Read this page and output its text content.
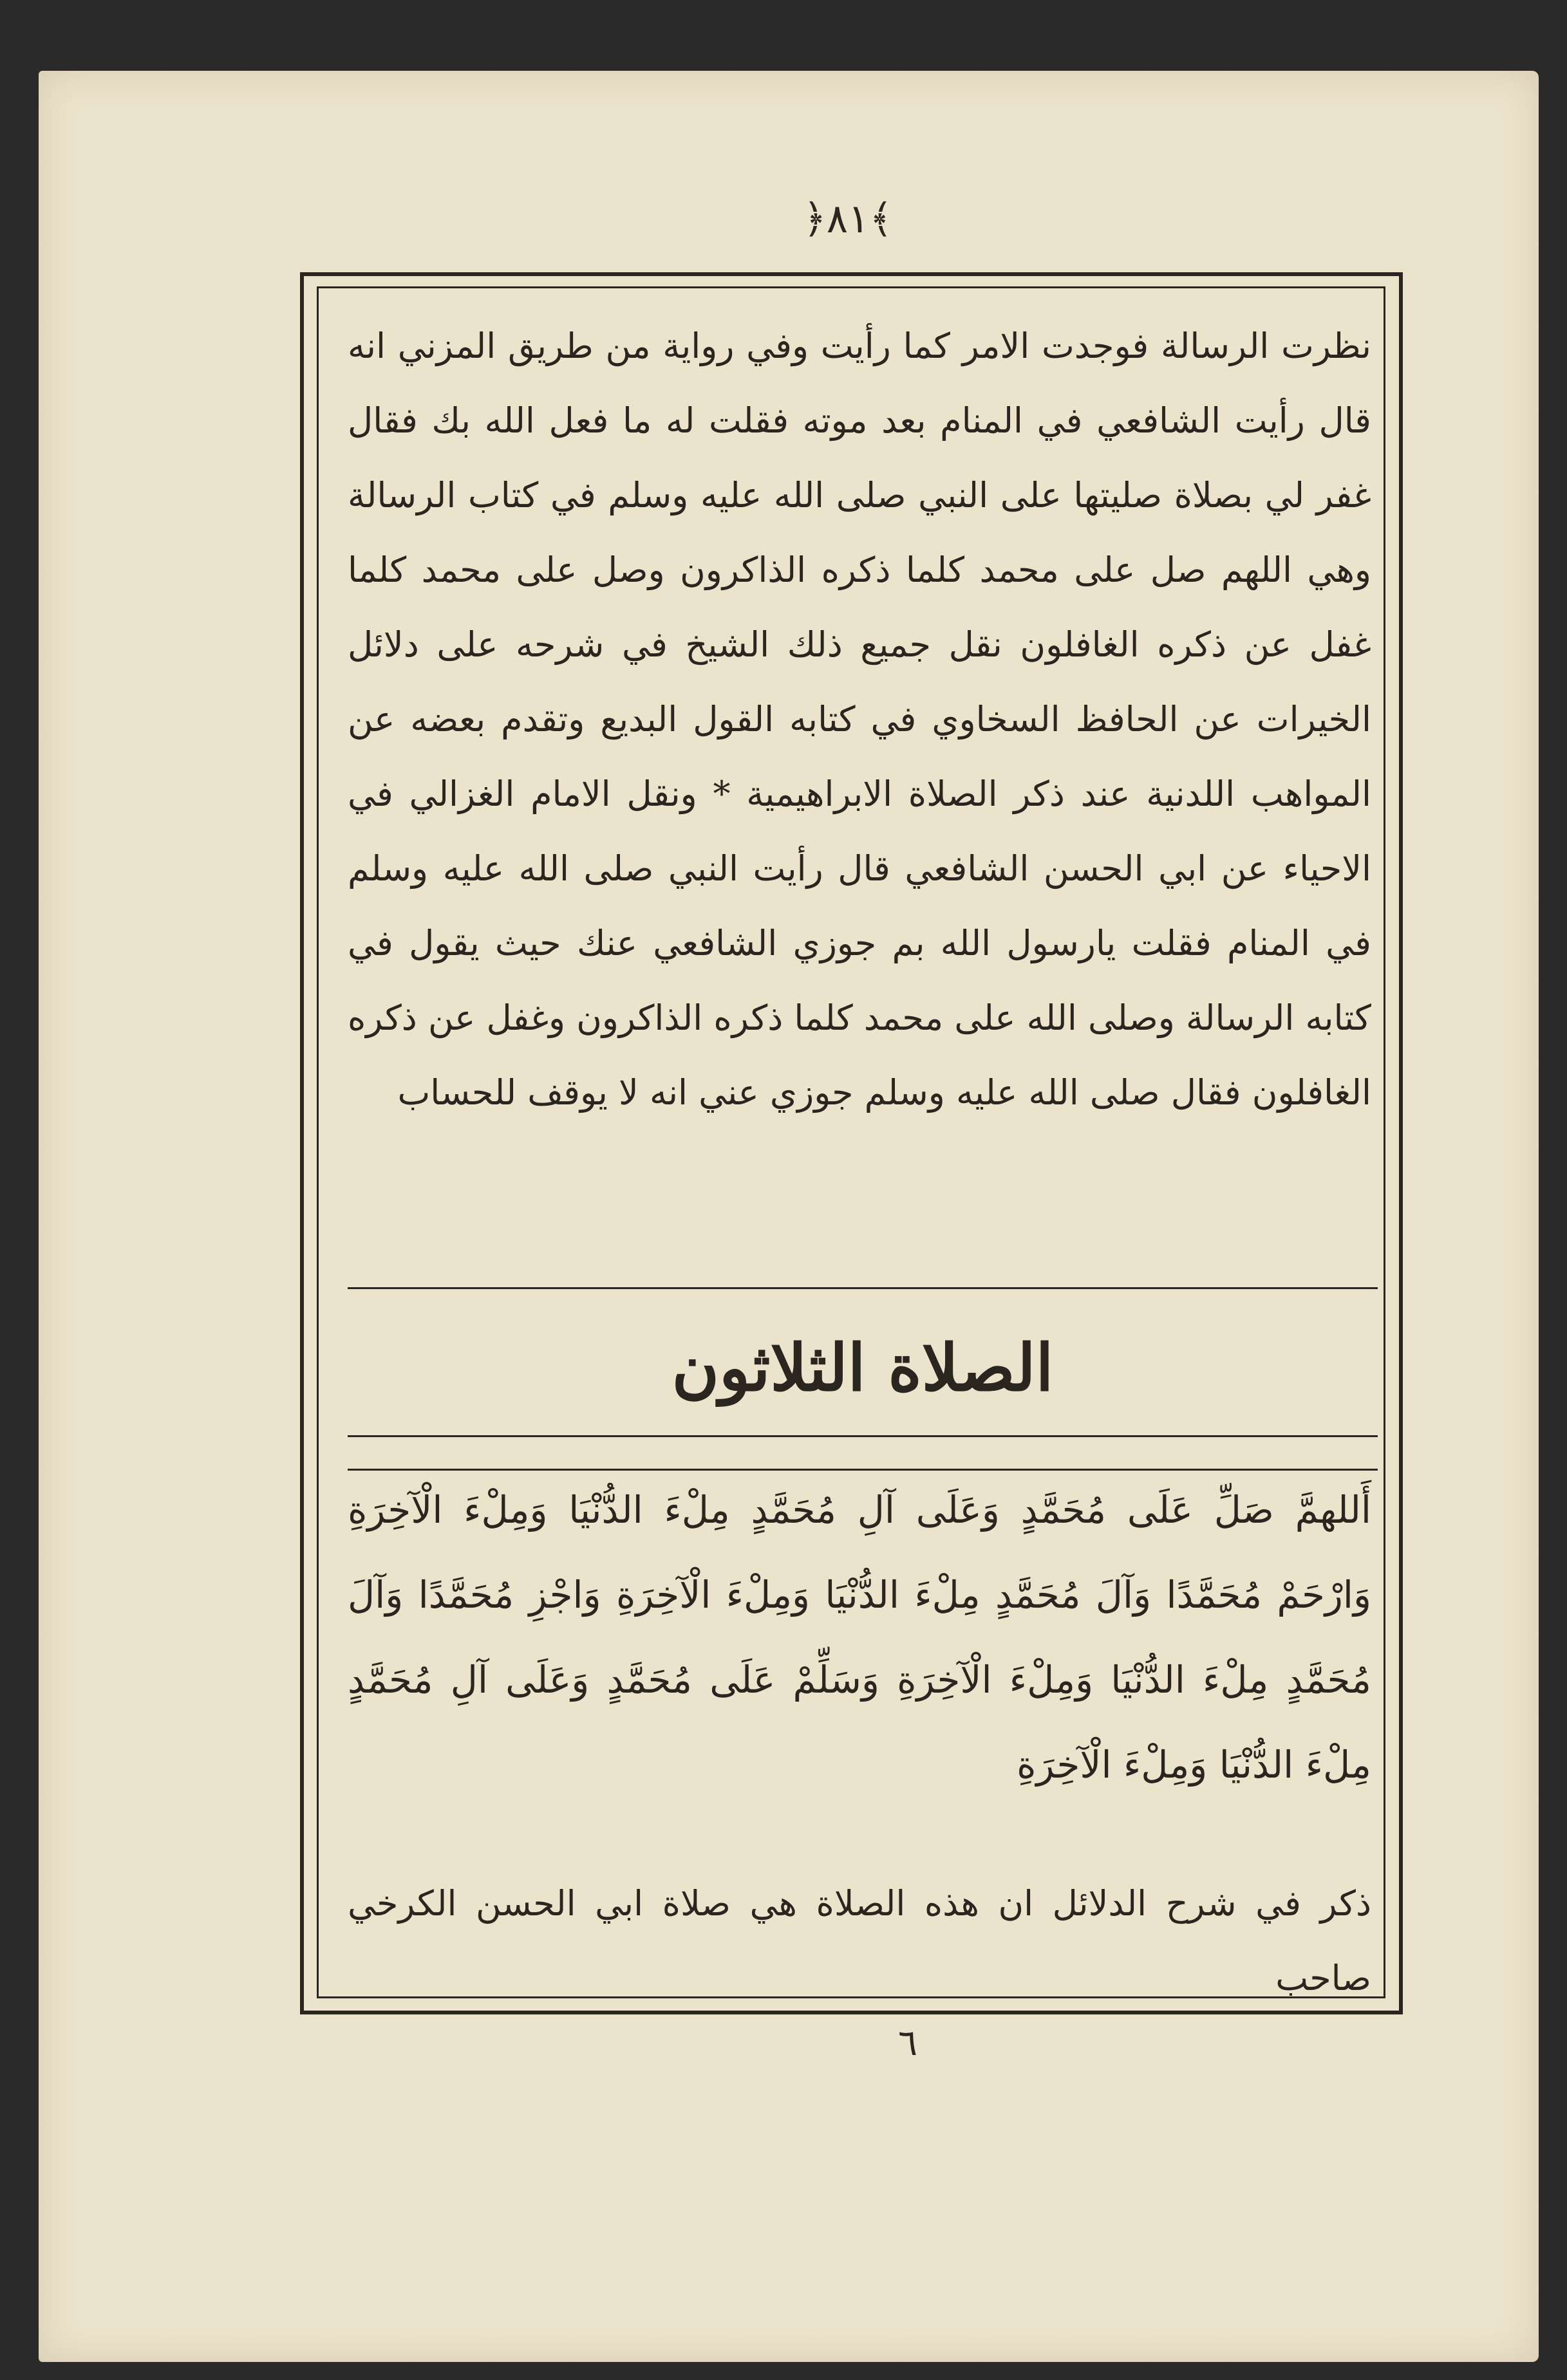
﴾٨١﴿
نظرت الرسالة فوجدت الامر كما رأيت وفي رواية من طريق المزني انه قال رأيت الشافعي في المنام بعد موته فقلت له ما فعل الله بك فقال غفر لي بصلاة صليتها على النبي صلى الله عليه وسلم في كتاب الرسالة وهي اللهم صل على محمد كلما ذكره الذاكرون وصل على محمد كلما غفل عن ذكره الغافلون نقل جميع ذلك الشيخ في شرحه على دلائل الخيرات عن الحافظ السخاوي في كتابه القول البديع وتقدم بعضه عن المواهب اللدنية عند ذكر الصلاة الابراهيمية * ونقل الامام الغزالي في الاحياء عن ابي الحسن الشافعي قال رأيت النبي صلى الله عليه وسلم في المنام فقلت يارسول الله بم جوزي الشافعي عنك حيث يقول في كتابه الرسالة وصلى الله على محمد كلما ذكره الذاكرون وغفل عن ذكره الغافلون فقال صلى الله عليه وسلم جوزي عني انه لا يوقف للحساب
الصلاة الثلاثون
أَللهمَّ صَلِّ عَلَى مُحَمَّدٍ وَعَلَى آلِ مُحَمَّدٍ مِلْءَ الدُّنْيَا وَمِلْءَ الْآخِرَةِ وَارْحَمْ مُحَمَّدًا وَآلَ مُحَمَّدٍ مِلْءَ الدُّنْيَا وَمِلْءَ الْآخِرَةِ وَاجْزِ مُحَمَّدًا وَآلَ مُحَمَّدٍ مِلْءَ الدُّنْيَا وَمِلْءَ الْآخِرَةِ وَسَلِّمْ عَلَى مُحَمَّدٍ وَعَلَى آلِ مُحَمَّدٍ مِلْءَ الدُّنْيَا وَمِلْءَ الْآخِرَةِ
ذكر في شرح الدلائل ان هذه الصلاة هي صلاة ابي الحسن الكرخي صاحب
٦
